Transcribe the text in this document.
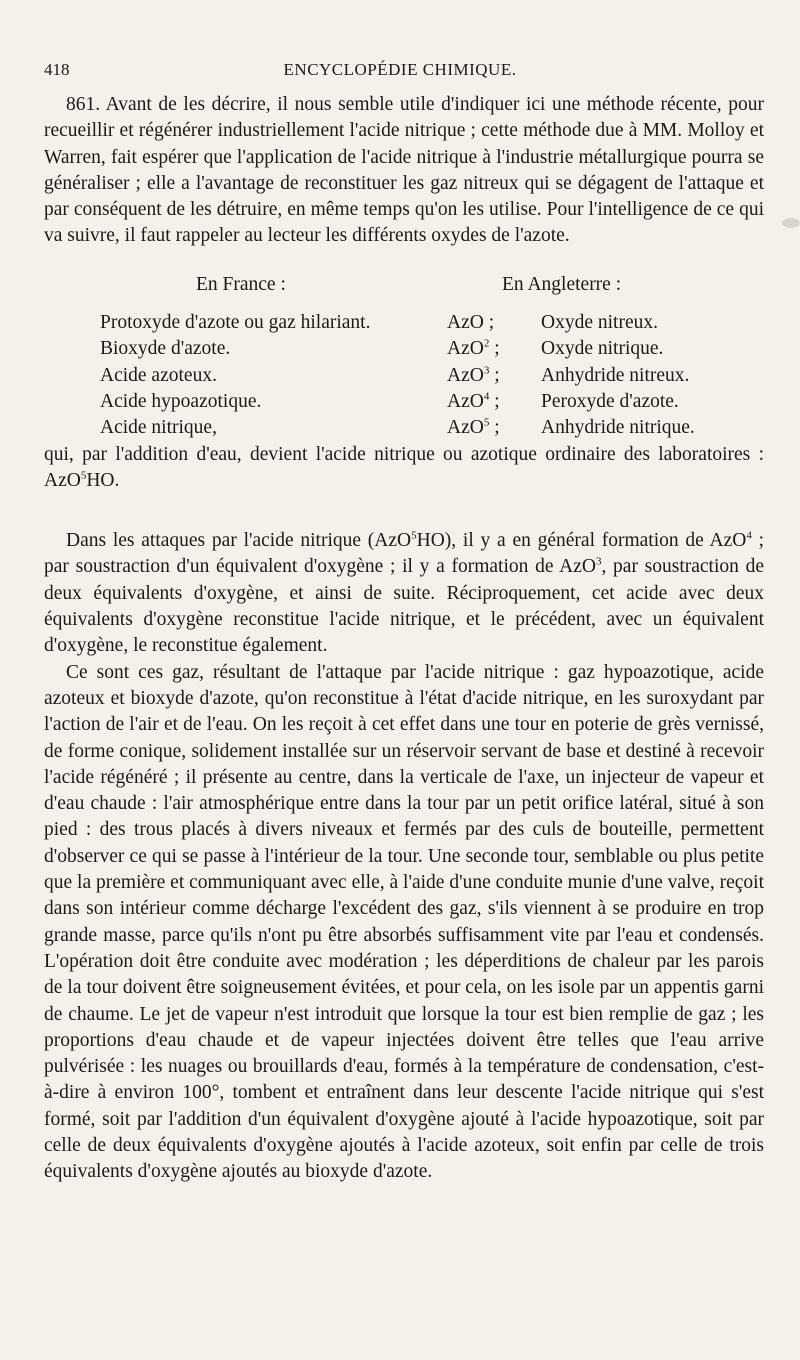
418	ENCYCLOPÉDIE CHIMIQUE.

861. Avant de les décrire, il nous semble utile d'indiquer ici une méthode récente, pour recueillir et régénérer industriellement l'acide nitrique ; cette méthode due à MM. Molloy et Warren, fait espérer que l'application de l'acide nitrique à l'industrie métallurgique pourra se généraliser ; elle a l'avantage de reconstituer les gaz nitreux qui se dégagent de l'attaque et par conséquent de les détruire, en même temps qu'on les utilise. Pour l'intelligence de ce qui va suivre, il faut rappeler au lecteur les différents oxydes de l'azote.

En France :	En Angleterre :
Protoxyde d'azote ou gaz hilariant.	AzO ;	Oxyde nitreux.
Bioxyde d'azote.	AzO$^2$ ;	Oxyde nitrique.
Acide azoteux.	AzO$^3$ ;	Anhydride nitreux.
Acide hypoazotique.	AzO$^4$ ;	Peroxyde d'azote.
Acide nitrique,	AzO$^5$ ;	Anhydride nitrique.

qui, par l'addition d'eau, devient l'acide nitrique ou azotique ordinaire des laboratoires : AzO$^5$HO.

Dans les attaques par l'acide nitrique (AzO$^5$HO), il y a en général formation de AzO$^4$ ; par soustraction d'un équivalent d'oxygène ; il y a formation de AzO$^3$, par soustraction de deux équivalents d'oxygène, et ainsi de suite. Réciproquement, cet acide avec deux équivalents d'oxygène reconstitue l'acide nitrique, et le précédent, avec un équivalent d'oxygène, le reconstitue également.

Ce sont ces gaz, résultant de l'attaque par l'acide nitrique : gaz hypoazotique, acide azoteux et bioxyde d'azote, qu'on reconstitue à l'état d'acide nitrique, en les suroxydant par l'action de l'air et de l'eau. On les reçoit à cet effet dans une tour en poterie de grès vernissé, de forme conique, solidement installée sur un réservoir servant de base et destiné à recevoir l'acide régénéré ; il présente au centre, dans la verticale de l'axe, un injecteur de vapeur et d'eau chaude : l'air atmosphérique entre dans la tour par un petit orifice latéral, situé à son pied : des trous placés à divers niveaux et fermés par des culs de bouteille, permettent d'observer ce qui se passe à l'intérieur de la tour. Une seconde tour, semblable ou plus petite que la première et communiquant avec elle, à l'aide d'une conduite munie d'une valve, reçoit dans son intérieur comme décharge l'excédent des gaz, s'ils viennent à se produire en trop grande masse, parce qu'ils n'ont pu être absorbés suffisamment vite par l'eau et condensés. L'opération doit être conduite avec modération ; les déperditions de chaleur par les parois de la tour doivent être soigneusement évitées, et pour cela, on les isole par un appentis garni de chaume. Le jet de vapeur n'est introduit que lorsque la tour est bien remplie de gaz ; les proportions d'eau chaude et de vapeur injectées doivent être telles que l'eau arrive pulvérisée : les nuages ou brouillards d'eau, formés à la température de condensation, c'est-à-dire à environ 100°, tombent et entraînent dans leur descente l'acide nitrique qui s'est formé, soit par l'addition d'un équivalent d'oxygène ajouté à l'acide hypoazotique, soit par celle de deux équivalents d'oxygène ajoutés à l'acide azoteux, soit enfin par celle de trois équivalents d'oxygène ajoutés au bioxyde d'azote.
